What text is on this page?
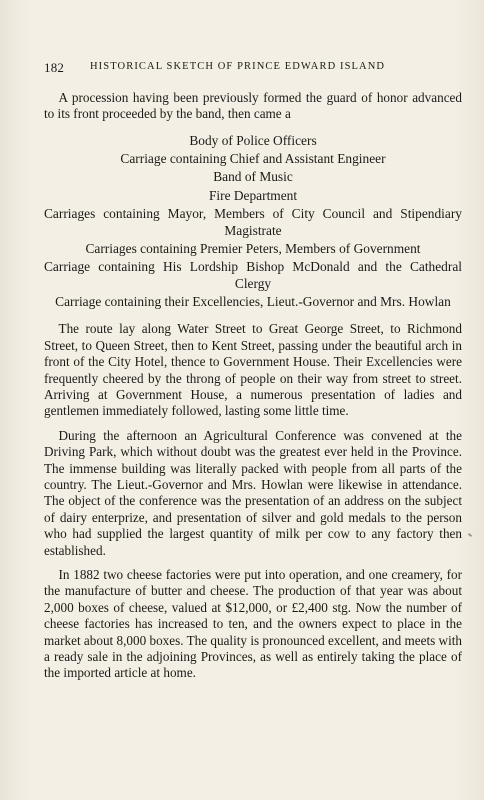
182 HISTORICAL SKETCH OF PRINCE EDWARD ISLAND

A procession having been previously formed the guard of honor advanced to its front proceeded by the band, then came a

Body of Police Officers
Carriage containing Chief and Assistant Engineer
Band of Music
Fire Department
Carriages containing Mayor, Members of City Council and Stipendiary Magistrate
Carriages containing Premier Peters, Members of Government
Carriage containing His Lordship Bishop McDonald and the Cathedral Clergy
Carriage containing their Excellencies, Lieut.-Governor and Mrs. Howlan

The route lay along Water Street to Great George Street, to Richmond Street, to Queen Street, then to Kent Street, passing under the beautiful arch in front of the City Hotel, thence to Government House. Their Excellencies were frequently cheered by the throng of people on their way from street to street. Arriving at Government House, a numerous presentation of ladies and gentlemen immediately followed, lasting some little time.

During the afternoon an Agricultural Conference was convened at the Driving Park, which without doubt was the greatest ever held in the Province. The immense building was literally packed with people from all parts of the country. The Lieut.-Governor and Mrs. Howlan were likewise in attendance. The object of the conference was the presentation of an address on the subject of dairy enterprize, and presentation of silver and gold medals to the person who had supplied the largest quantity of milk per cow to any factory then established.

In 1882 two cheese factories were put into operation, and one creamery, for the manufacture of butter and cheese. The production of that year was about 2,000 boxes of cheese, valued at $12,000, or £2,400 stg. Now the number of cheese factories has increased to ten, and the owners expect to place in the market about 8,000 boxes. The quality is pronounced excellent, and meets with a ready sale in the adjoining Provinces, as well as entirely taking the place of the imported article at home.
